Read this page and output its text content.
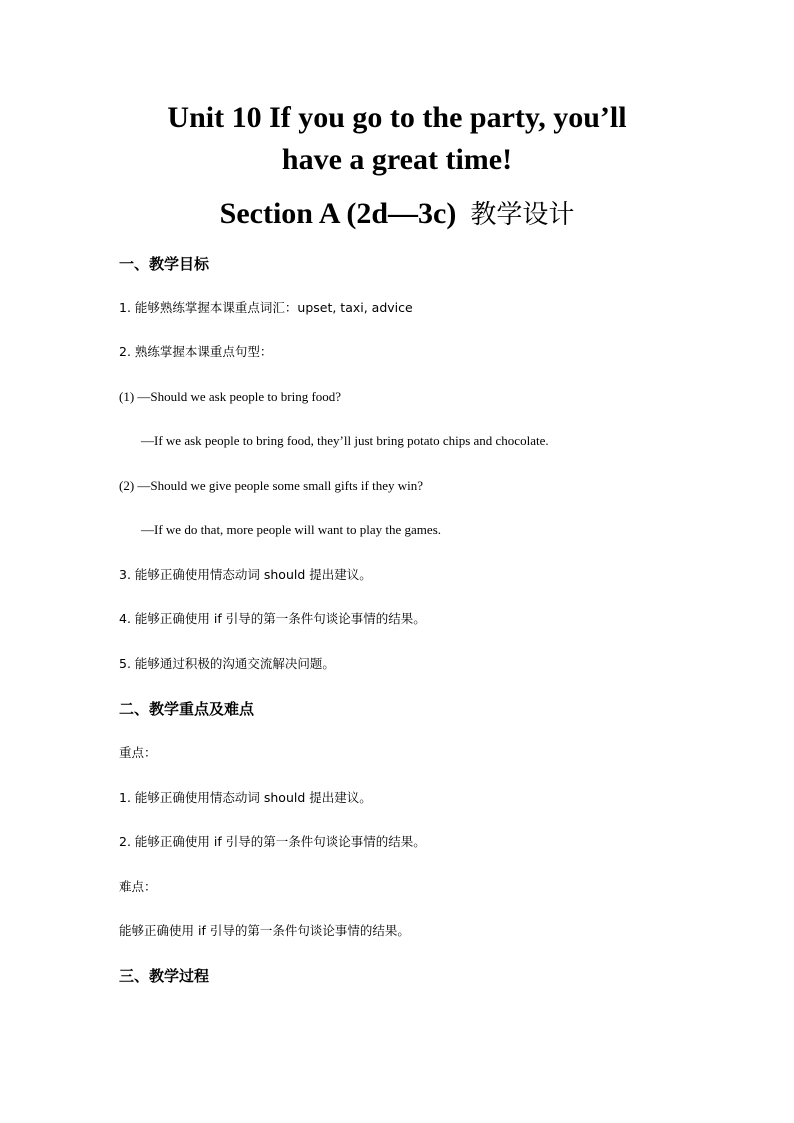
Unit 10 If you go to the party, you’ll
have a great time!
Section A (2d—3c) 教学设计
一、教学目标
1. 能够熟练掌握本课重点词汇：upset, taxi, advice
2. 熟练掌握本课重点句型：
(1) —Should we ask people to bring food?
—If we ask people to bring food, they’ll just bring potato chips and chocolate.
(2) —Should we give people some small gifts if they win?
—If we do that, more people will want to play the games.
3. 能够正确使用情态动词 should 提出建议。
4. 能够正确使用 if 引导的第一条件句谈论事情的结果。
5. 能够通过积极的沟通交流解决问题。
二、教学重点及难点
重点：
1. 能够正确使用情态动词 should 提出建议。
2. 能够正确使用 if 引导的第一条件句谈论事情的结果。
难点：
能够正确使用 if 引导的第一条件句谈论事情的结果。
三、教学过程
